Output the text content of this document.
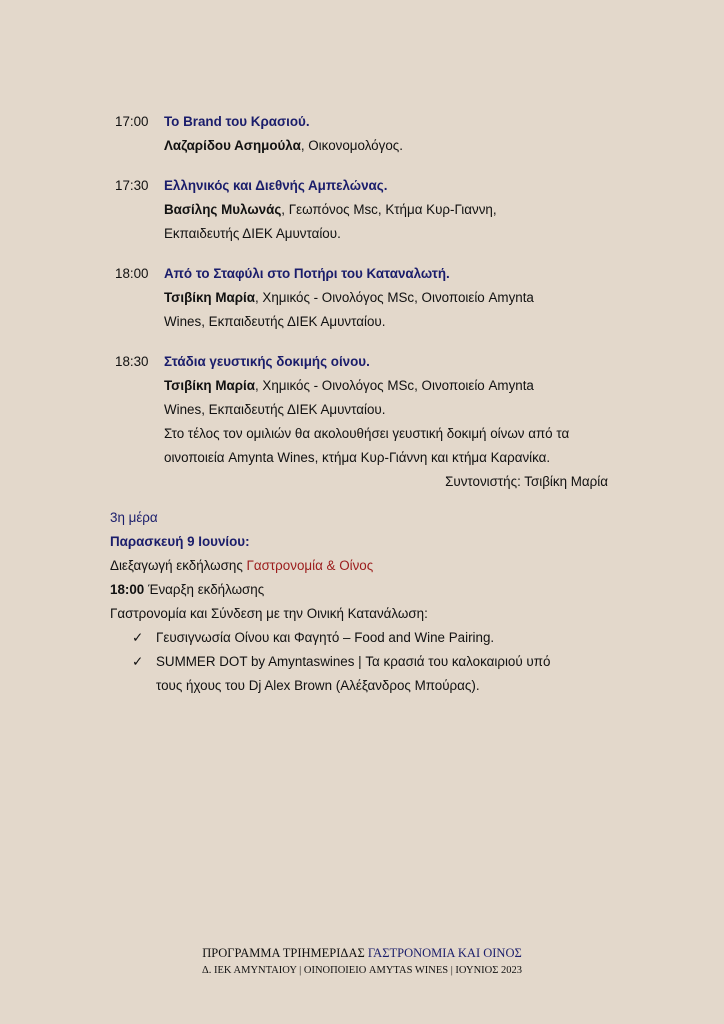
17:00	Το Brand του Κρασιού.
Λαζαρίδου Ασημούλα, Οικονομολόγος.
17:30	Ελληνικός και Διεθνής Αμπελώνας.
Βασίλης Μυλωνάς, Γεωπόνος Msc, Κτήμα Κυρ-Γιαννη,
Εκπαιδευτής ΔΙΕΚ Αμυνταίου.
18:00	Από το Σταφύλι στο Ποτήρι του Καταναλωτή.
Τσιβίκη Μαρία, Χημικός - Οινολόγος MSc, Οινοποιείο Amynta
Wines, Εκπαιδευτής ΔΙΕΚ Αμυνταίου.
18:30	Στάδια γευστικής δοκιμής οίνου.
Τσιβίκη Μαρία, Χημικός - Οινολόγος MSc, Οινοποιείο Amynta
Wines, Εκπαιδευτής ΔΙΕΚ Αμυνταίου.
Στο τέλος τον ομιλιών θα ακολουθήσει γευστική δοκιμή οίνων από τα
οινοποιεία Amynta Wines, κτήμα Κυρ-Γιάννη και κτήμα Καρανίκα.
Συντονιστής: Τσιβίκη Μαρία
3η μέρα
Παρασκευή 9 Ιουνίου:
Διεξαγωγή εκδήλωσης Γαστρονομία & Οίνος
18:00 Έναρξη εκδήλωσης
Γαστρονομία και Σύνδεση με την Οινική Κατανάλωση:
✓ Γευσιγνωσία Οίνου και Φαγητό – Food and Wine Pairing.
✓ SUMMER DOT by Amyntaswines | Τα κρασιά του καλοκαιριού υπό
τους ήχους του Dj Alex Brown (Αλέξανδρος Μπούρας).
ΠΡΟΓΡΑΜΜΑ ΤΡΙΗΜΕΡΙΔΑΣ ΓΑΣΤΡΟΝΟΜΙΑ ΚΑΙ ΟΙΝΟΣ
Δ. ΙΕΚ ΑΜΥΝΤΑΙΟΥ | ΟΙΝΟΠΟΙΕΙΟ AMYTAS WINES | ΙΟΥΝΙΟΣ 2023
